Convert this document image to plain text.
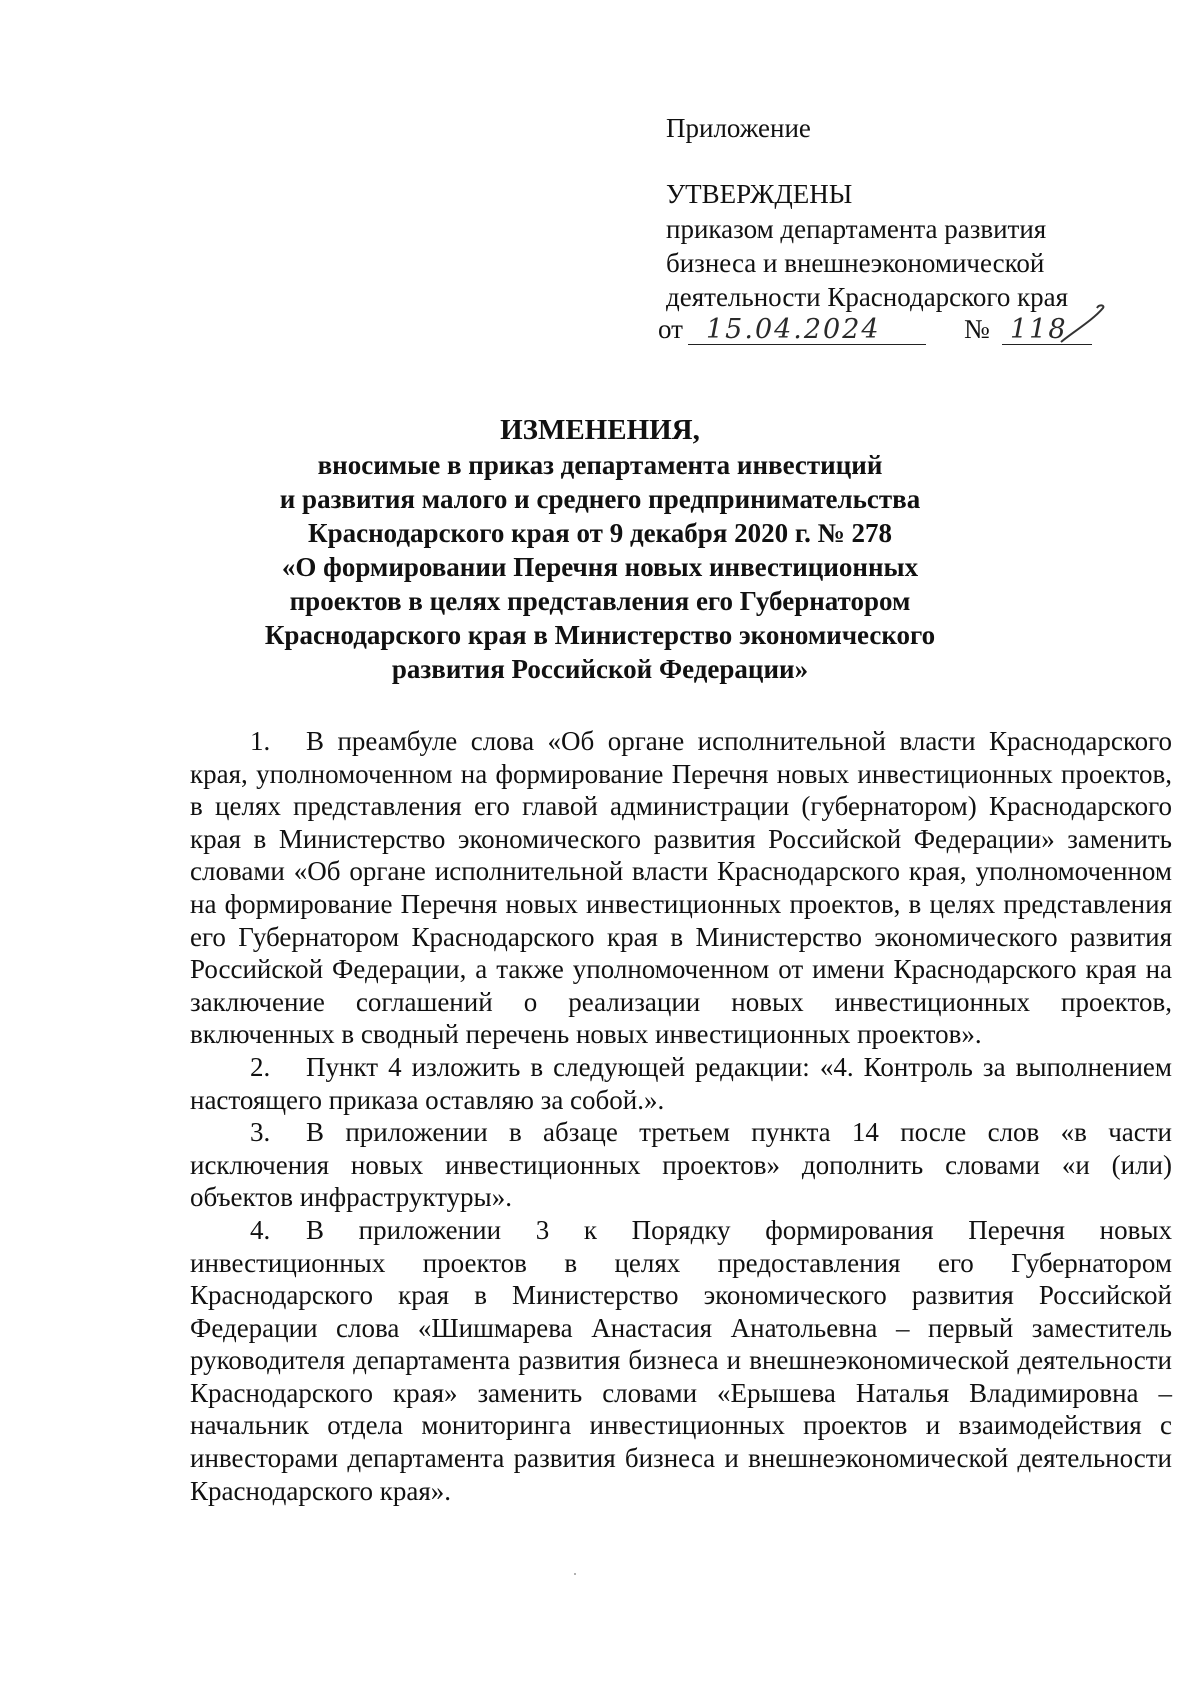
Приложение
УТВЕРЖДЕНЫ
приказом департамента развития
бизнеса и внешнеэкономической
деятельности Краснодарского края
от 15.04.2024	№ 118
ИЗМЕНЕНИЯ,
вносимые в приказ департамента инвестиций
и развития малого и среднего предпринимательства
Краснодарского края от 9 декабря 2020 г. № 278
«О формировании Перечня новых инвестиционных
проектов в целях представления его Губернатором
Краснодарского края в Министерство экономического
развития Российской Федерации»

1. В преамбуле слова «Об органе исполнительной власти Краснодарского края, уполномоченном на формирование Перечня новых инвестиционных проектов, в целях представления его главой администрации (губернатором) Краснодарского края в Министерство экономического развития Российской Федерации» заменить словами «Об органе исполнительной власти Краснодарского края, уполномоченном на формирование Перечня новых инвестиционных проектов, в целях представления его Губернатором Краснодарского края в Министерство экономического развития Российской Федерации, а также уполномоченном от имени Краснодарского края на заключение соглашений о реализации новых инвестиционных проектов, включенных в сводный перечень новых инвестиционных проектов».

2. Пункт 4 изложить в следующей редакции: «4. Контроль за выполнением настоящего приказа оставляю за собой.».

3. В приложении в абзаце третьем пункта 14 после слов «в части исключения новых инвестиционных проектов» дополнить словами «и (или) объектов инфраструктуры».

4. В приложении 3 к Порядку формирования Перечня новых инвестиционных проектов в целях предоставления его Губернатором Краснодарского края в Министерство экономического развития Российской Федерации слова «Шишмарева Анастасия Анатольевна – первый заместитель руководителя департамента развития бизнеса и внешнеэкономической деятельности Краснодарского края» заменить словами «Ерышева Наталья Владимировна – начальник отдела мониторинга инвестиционных проектов и взаимодействия с инвесторами департамента развития бизнеса и внешнеэкономической деятельности Краснодарского края».
